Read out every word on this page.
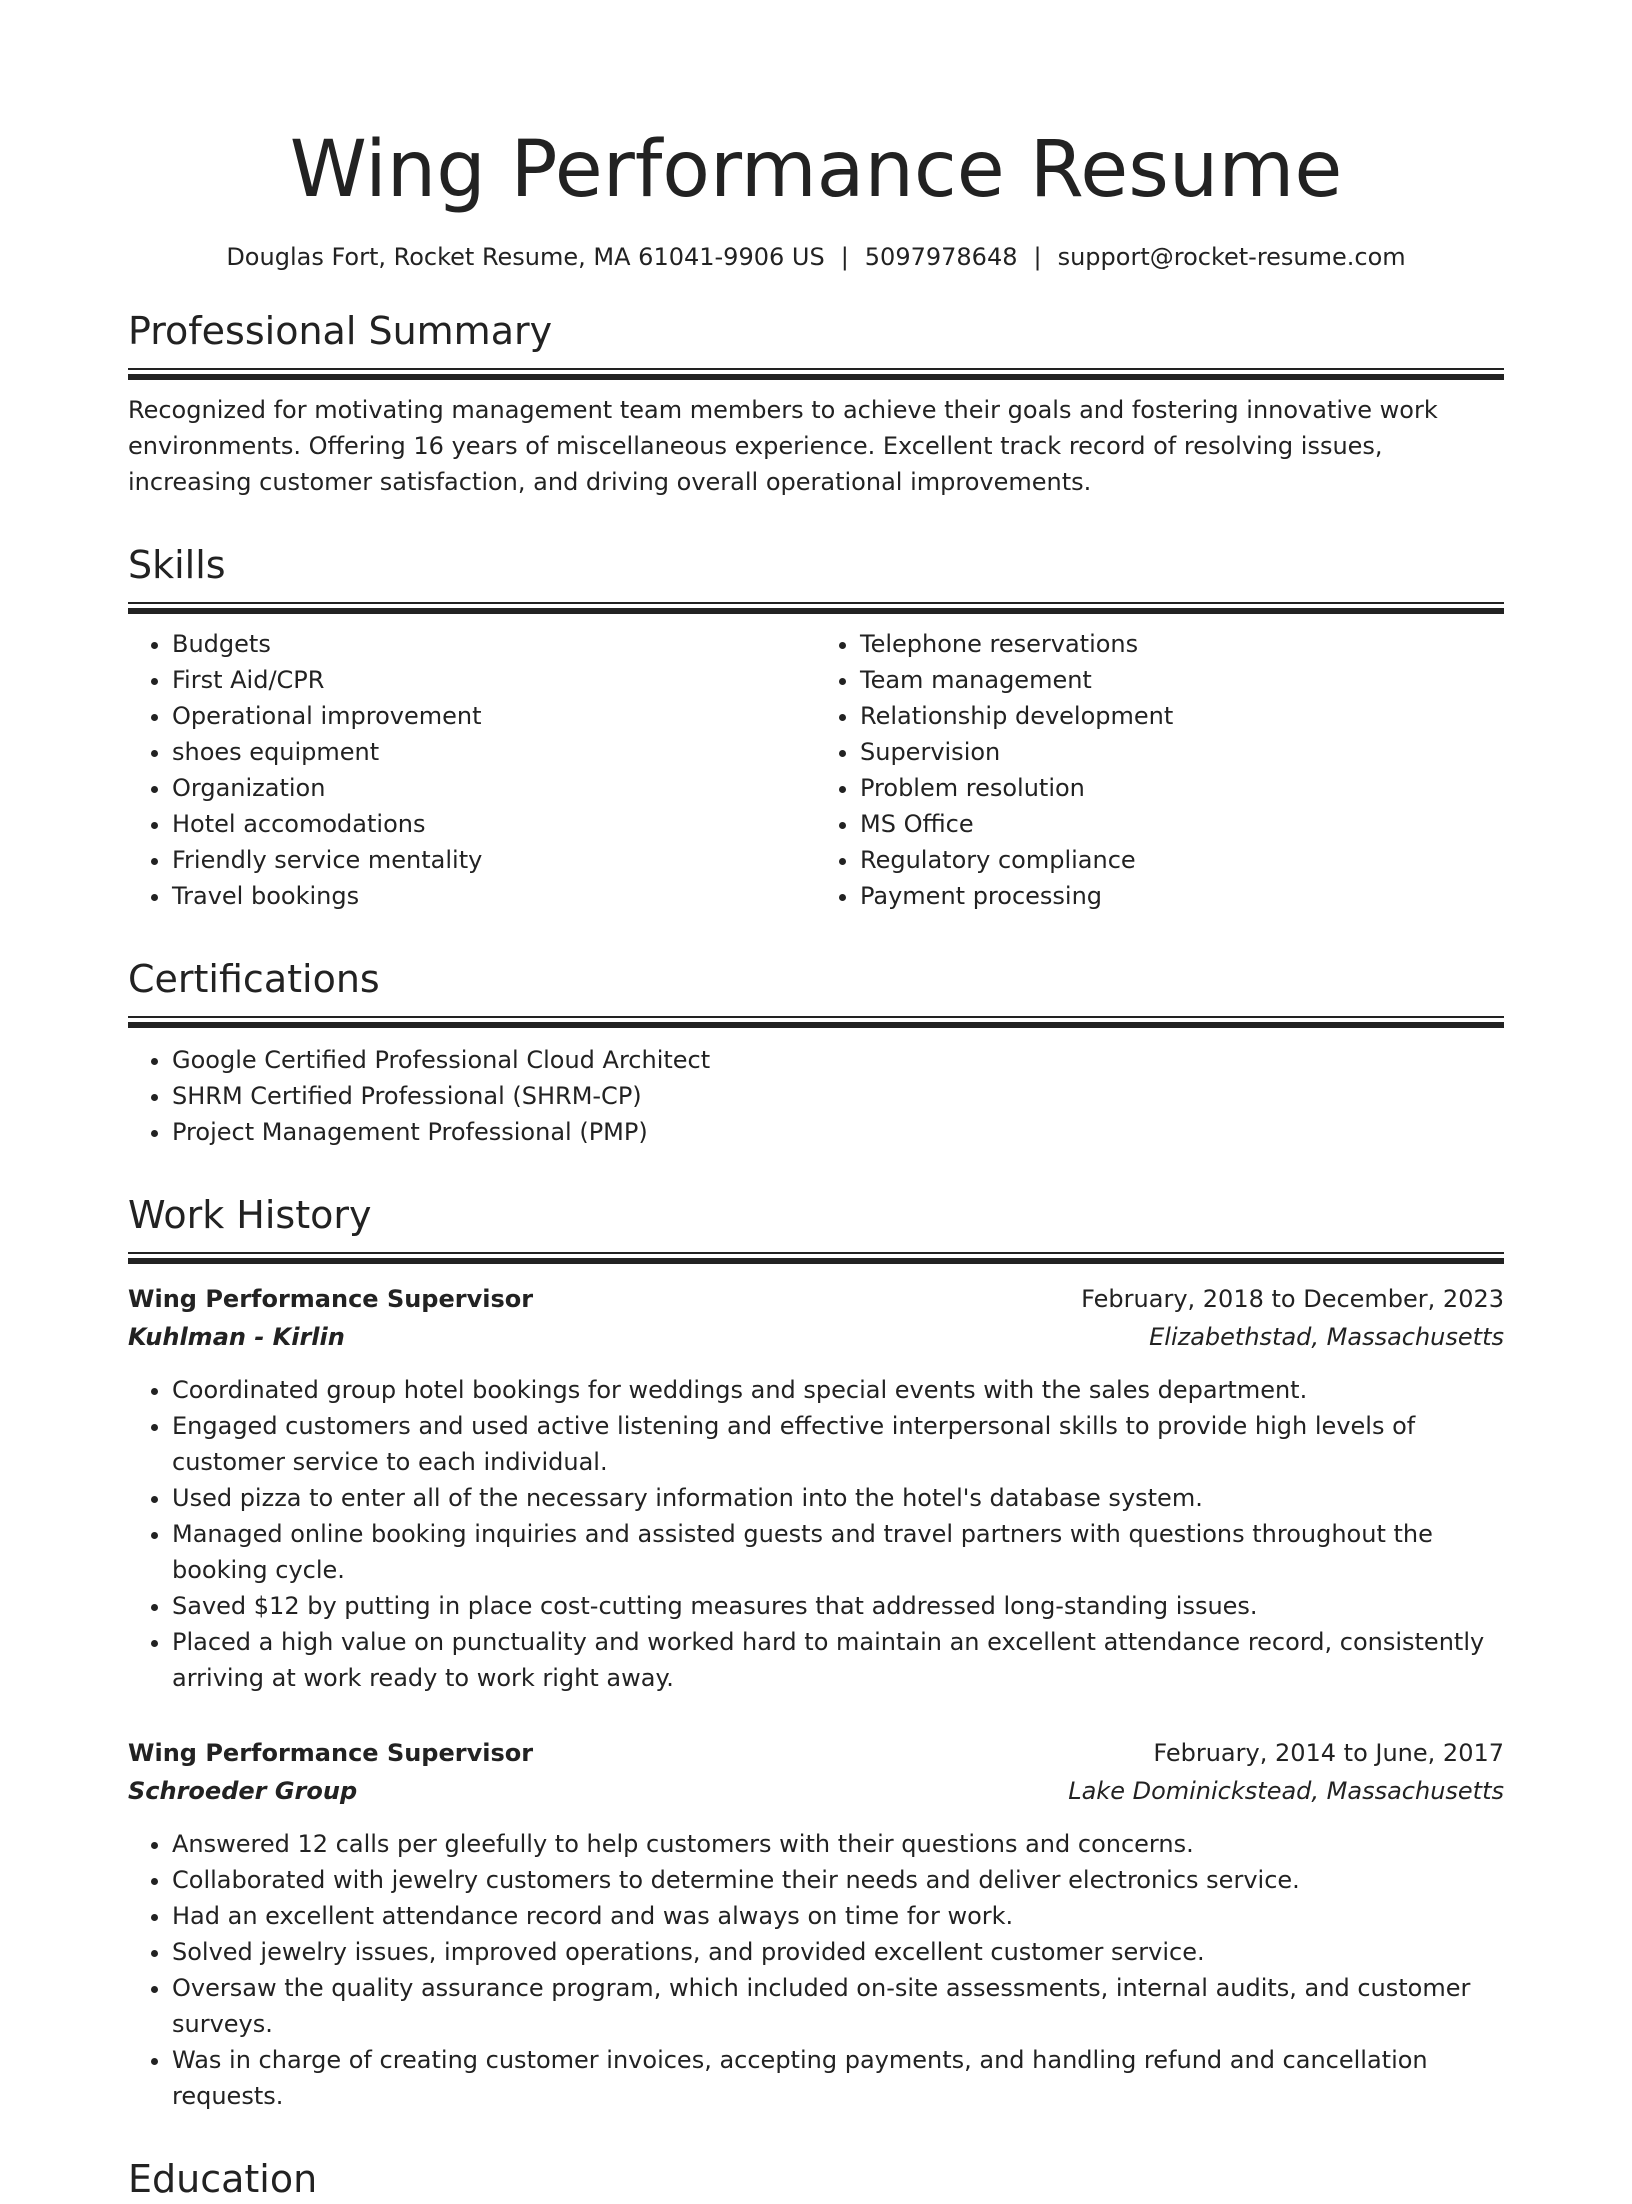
Wing Performance Resume
Douglas Fort, Rocket Resume, MA 61041-9906 US | 5097978648 | support@rocket-resume.com
Professional Summary
Recognized for motivating management team members to achieve their goals and fostering innovative work environments. Offering 16 years of miscellaneous experience. Excellent track record of resolving issues, increasing customer satisfaction, and driving overall operational improvements.
Skills
• Budgets
• First Aid/CPR
• Operational improvement
• shoes equipment
• Organization
• Hotel accomodations
• Friendly service mentality
• Travel bookings
• Telephone reservations
• Team management
• Relationship development
• Supervision
• Problem resolution
• MS Office
• Regulatory compliance
• Payment processing
Certifications
• Google Certified Professional Cloud Architect
• SHRM Certified Professional (SHRM-CP)
• Project Management Professional (PMP)
Work History
Wing Performance Supervisor	February, 2018 to December, 2023
Kuhlman - Kirlin	Elizabethstad, Massachusetts
• Coordinated group hotel bookings for weddings and special events with the sales department.
• Engaged customers and used active listening and effective interpersonal skills to provide high levels of customer service to each individual.
• Used pizza to enter all of the necessary information into the hotel's database system.
• Managed online booking inquiries and assisted guests and travel partners with questions throughout the booking cycle.
• Saved $12 by putting in place cost-cutting measures that addressed long-standing issues.
• Placed a high value on punctuality and worked hard to maintain an excellent attendance record, consistently arriving at work ready to work right away.
Wing Performance Supervisor	February, 2014 to June, 2017
Schroeder Group	Lake Dominickstead, Massachusetts
• Answered 12 calls per gleefully to help customers with their questions and concerns.
• Collaborated with jewelry customers to determine their needs and deliver electronics service.
• Had an excellent attendance record and was always on time for work.
• Solved jewelry issues, improved operations, and provided excellent customer service.
• Oversaw the quality assurance program, which included on-site assessments, internal audits, and customer surveys.
• Was in charge of creating customer invoices, accepting payments, and handling refund and cancellation requests.
Education
